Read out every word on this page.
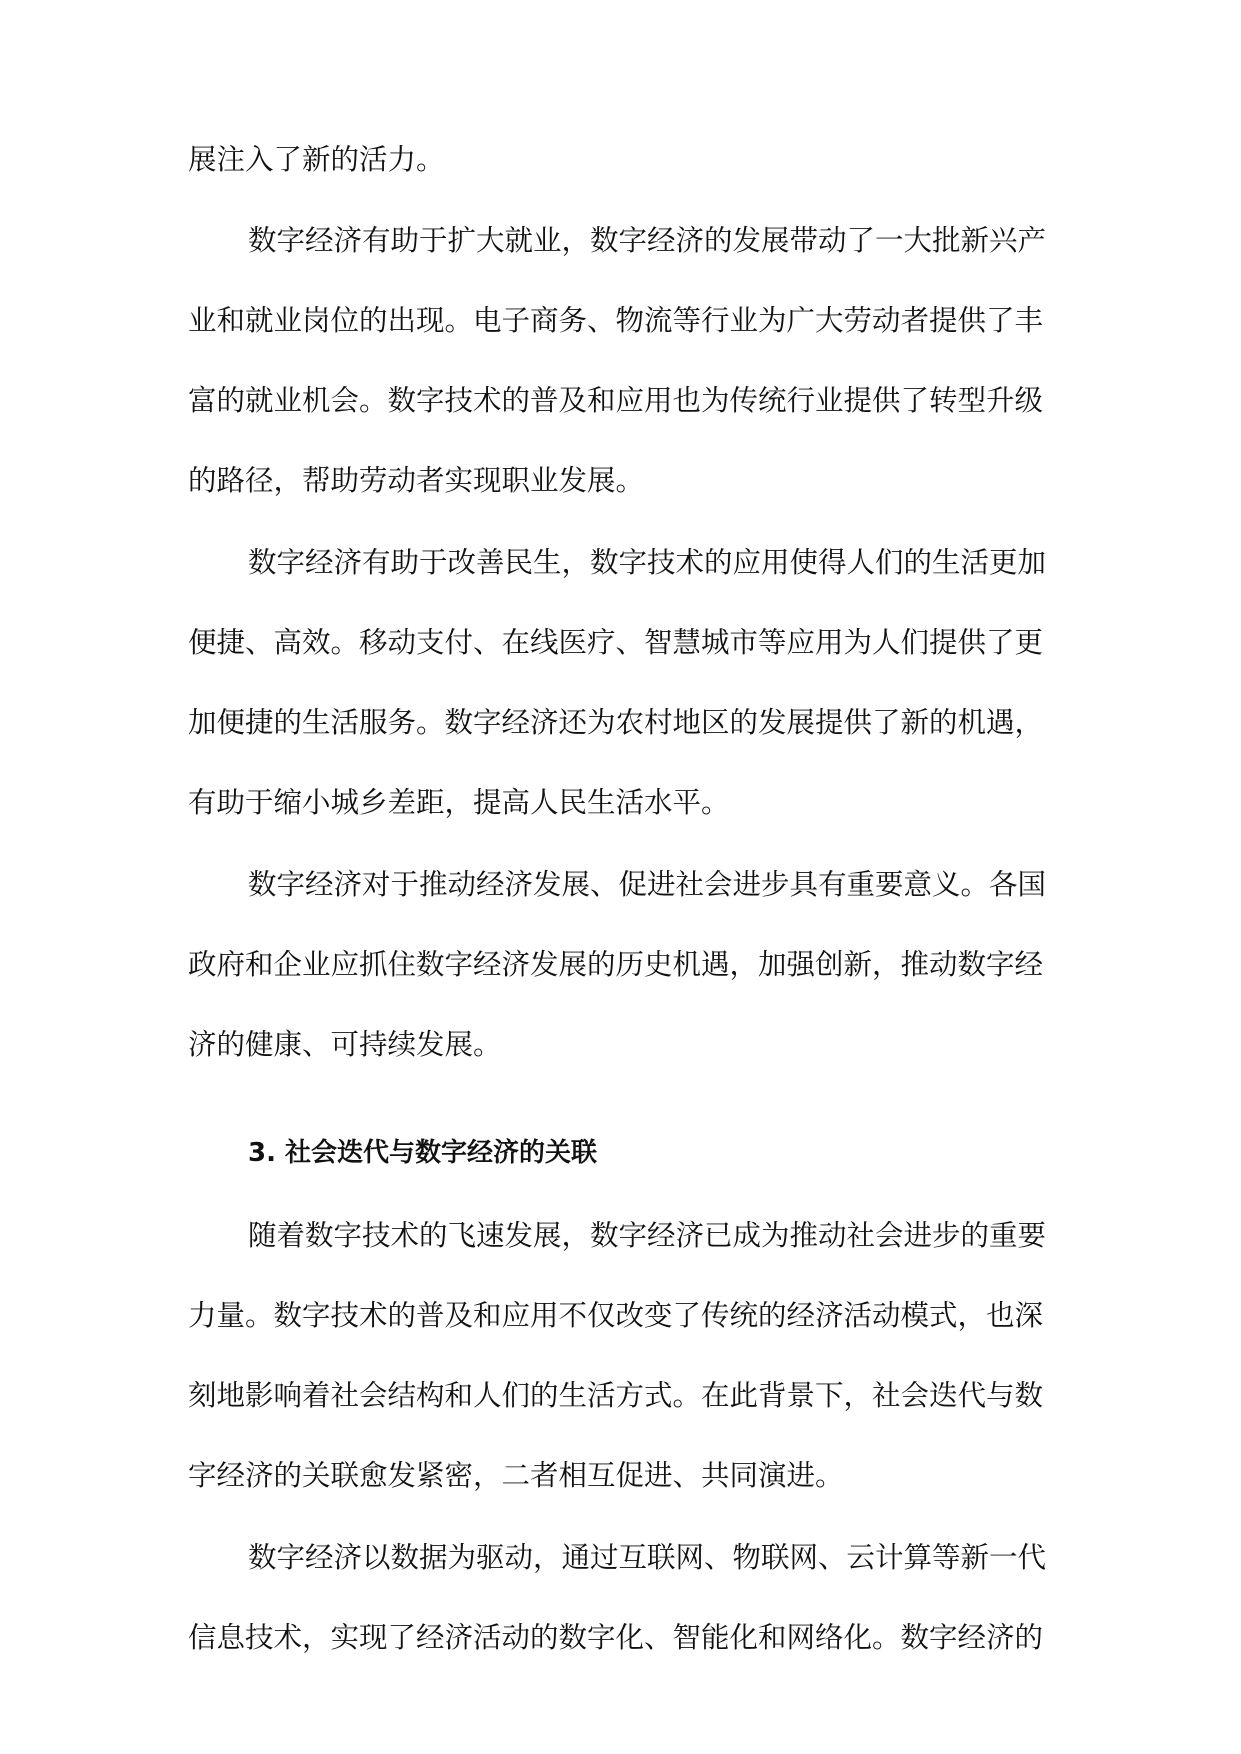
展注入了新的活力。
数字经济有助于扩大就业，数字经济的发展带动了一大批新兴产
业和就业岗位的出现。电子商务、物流等行业为广大劳动者提供了丰
富的就业机会。数字技术的普及和应用也为传统行业提供了转型升级
的路径，帮助劳动者实现职业发展。
数字经济有助于改善民生，数字技术的应用使得人们的生活更加
便捷、高效。移动支付、在线医疗、智慧城市等应用为人们提供了更
加便捷的生活服务。数字经济还为农村地区的发展提供了新的机遇，
有助于缩小城乡差距，提高人民生活水平。
数字经济对于推动经济发展、促进社会进步具有重要意义。各国
政府和企业应抓住数字经济发展的历史机遇，加强创新，推动数字经
济的健康、可持续发展。
3. 社会迭代与数字经济的关联
随着数字技术的飞速发展，数字经济已成为推动社会进步的重要
力量。数字技术的普及和应用不仅改变了传统的经济活动模式，也深
刻地影响着社会结构和人们的生活方式。在此背景下，社会迭代与数
字经济的关联愈发紧密，二者相互促进、共同演进。
数字经济以数据为驱动，通过互联网、物联网、云计算等新一代
信息技术，实现了经济活动的数字化、智能化和网络化。数字经济的
